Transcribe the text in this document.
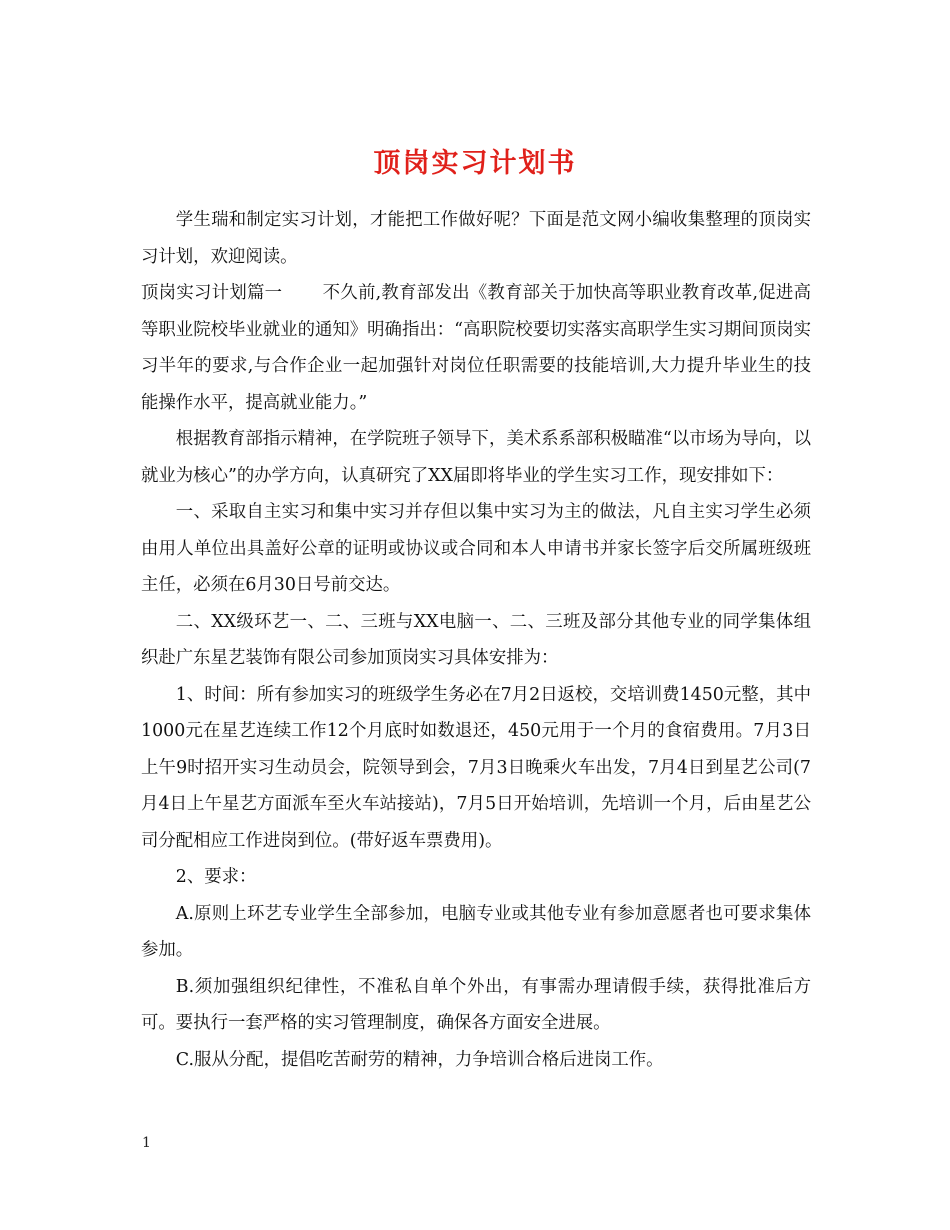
顶岗实习计划书

学生瑞和制定实习计划，才能把工作做好呢？下面是范文网小编收集整理的顶岗实习计划，欢迎阅读。

顶岗实习计划篇一 不久前,教育部发出《教育部关于加快高等职业教育改革,促进高等职业院校毕业就业的通知》明确指出：“高职院校要切实落实高职学生实习期间顶岗实习半年的要求,与合作企业一起加强针对岗位任职需要的技能培训,大力提升毕业生的技能操作水平，提高就业能力。”

根据教育部指示精神，在学院班子领导下，美术系系部积极瞄准“以市场为导向，以就业为核心”的办学方向，认真研究了XX届即将毕业的学生实习工作，现安排如下：

一、采取自主实习和集中实习并存但以集中实习为主的做法，凡自主实习学生必须由用人单位出具盖好公章的证明或协议或合同和本人申请书并家长签字后交所属班级班主任，必须在6月30日号前交达。

二、XX级环艺一、二、三班与XX电脑一、二、三班及部分其他专业的同学集体组织赴广东星艺装饰有限公司参加顶岗实习具体安排为：

1、时间：所有参加实习的班级学生务必在7月2日返校，交培训费1450元整，其中1000元在星艺连续工作12个月底时如数退还，450元用于一个月的食宿费用。7月3日上午9时招开实习生动员会，院领导到会，7月3日晚乘火车出发，7月4日到星艺公司(7月4日上午星艺方面派车至火车站接站)，7月5日开始培训，先培训一个月，后由星艺公司分配相应工作进岗到位。(带好返车票费用)。

2、要求：

A.原则上环艺专业学生全部参加，电脑专业或其他专业有参加意愿者也可要求集体参加。

B.须加强组织纪律性，不准私自单个外出，有事需办理请假手续，获得批准后方可。要执行一套严格的实习管理制度，确保各方面安全进展。

C.服从分配，提倡吃苦耐劳的精神，力争培训合格后进岗工作。

1
